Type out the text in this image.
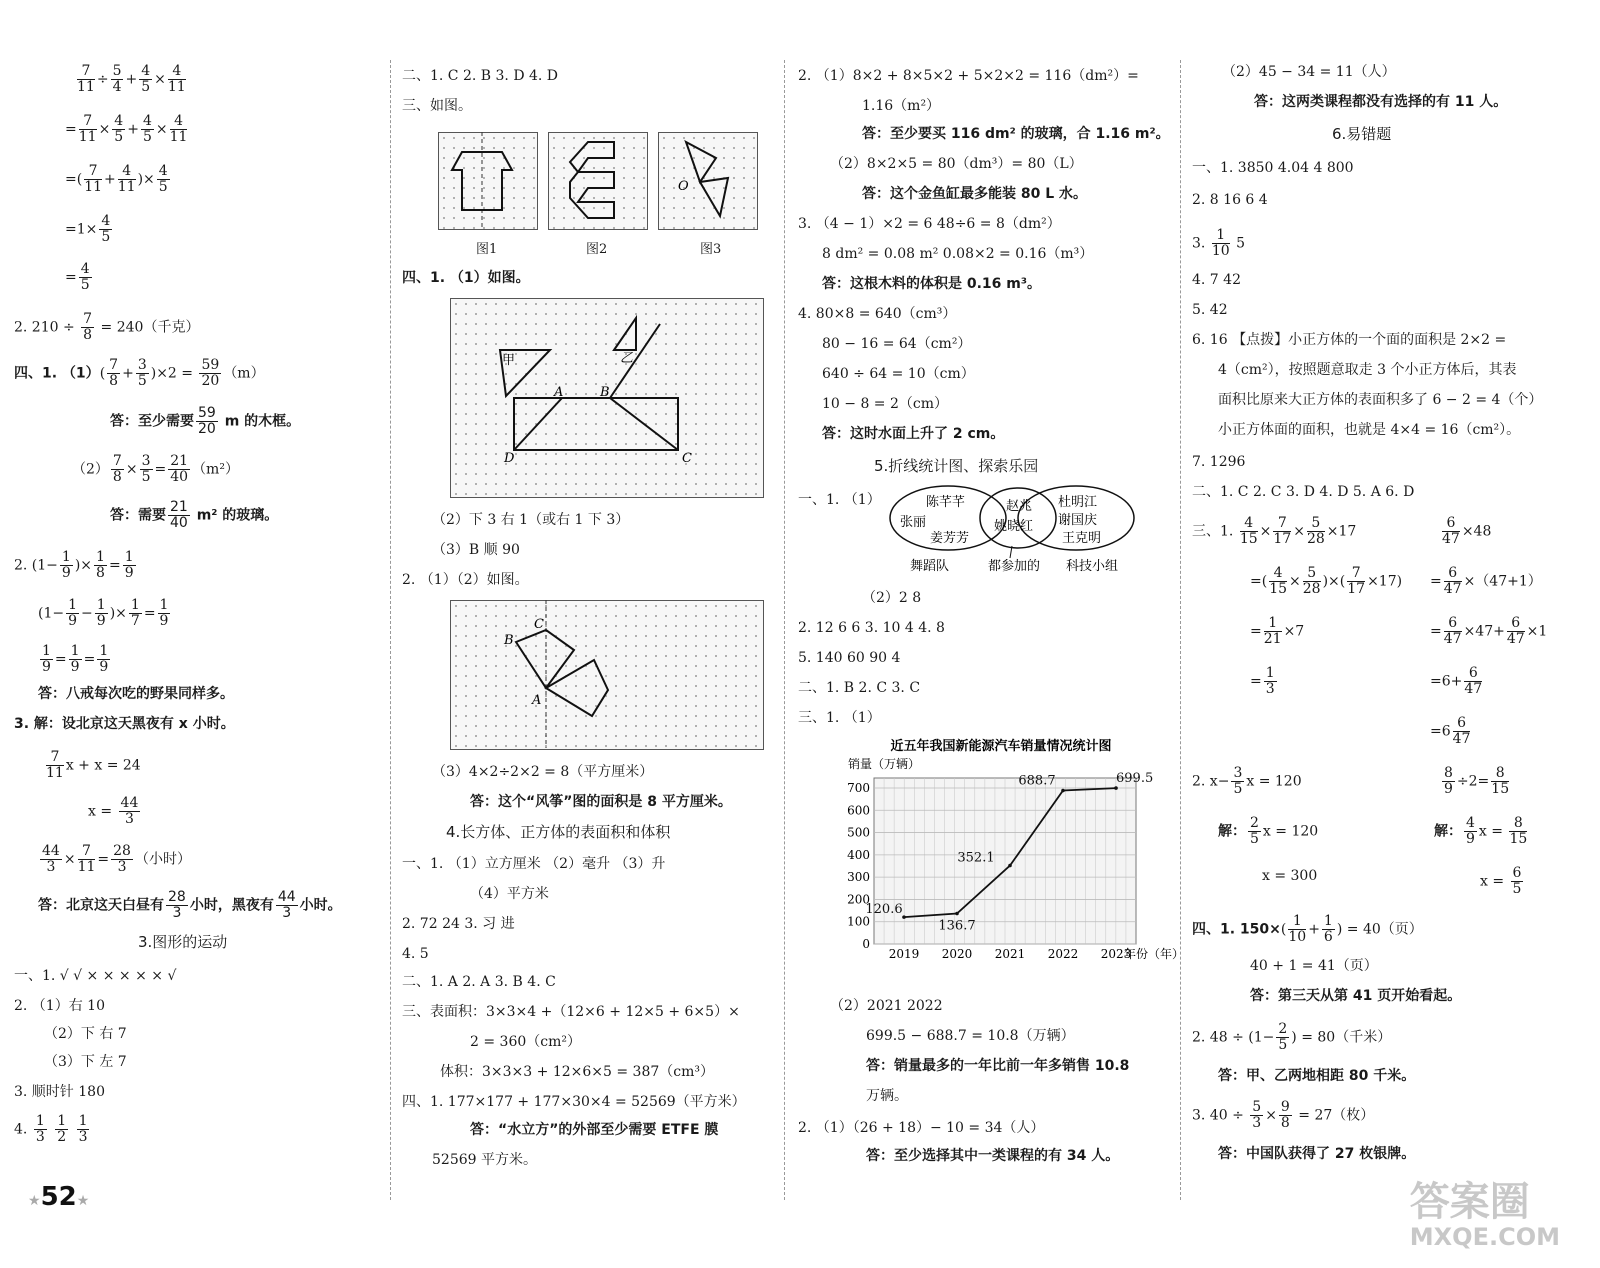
$\frac{7}{11} \div \frac{5}{4} + \frac{4}{5} \times \frac{4}{11}$
= $\frac{7}{11} \times \frac{4}{5} + \frac{4}{5} \times \frac{4}{11}$
=( $\frac{7}{11} + \frac{4}{11}$ )× $\frac{4}{5}$
$=1\times \frac{4}{5}$
= $\frac{4}{5}$
2. $210 \div \frac{7}{8} = 240$（千克）
四、1. $(1)( \frac{7}{8} + \frac{3}{5} )\times 2 = \frac{59}{20} (m)$
答：至少需要 $\frac{59}{20}$ m 的木框。
$(2) \frac{7}{8} \times \frac{3}{5} = \frac{21}{40} (m^2)$
答：需要 $\frac{21}{40} m^2$ 的玻璃。
2. ($1- \frac{1}{9}$ )× $\frac{1}{8} = \frac{1}{9}$
($1- \frac{1}{9} - \frac{1}{9}$ )× $\frac{1}{7} = \frac{1}{9}$
$\frac{1}{9} = \frac{1}{9} = \frac{1}{9}$
答：八戒每次吃的野果同样多。
3. 解：设北京这天黑夜有 x 小时。
$\frac{7}{11}$ x + x = 24
$x = \frac{44}{3}$
$\frac{44}{3} \times \frac{7}{11} = \frac{28}{3}$ （小时）
答：北京这天白昼有 $\frac{28}{3}$ 小时，黑夜有 $\frac{44}{3}$ 小时。
3.图形的运动
一、1. √ √ × × × × × √
2. （1）右 10
（2）下 右 7
（3）下 左 7
3. 顺时针 180
4. $\frac{1}{3}$
$\frac{1}{2}$
$\frac{1}{3}$
二、1. C 2. B 3. D 4. D
三、如图。
O
图1	图2	图3
四、1. （1）如图。
甲	乙
A	B
D	C
（2）下 3 右 1（或右 1 下 3）
（3）B 顺 90
2. （1）（2）如图。
B
C
A
（3）4×2÷2×2 = 8（平方厘米）
答：这个“风筝”图的面积是 8 平方厘米。
4.长方体、正方体的表面积和体积
一、1. （1）立方厘米 （2）毫升 （3）升
（4）平方米
2. 72 24 3. 习 进
4. 5
二、1. A 2. A 3. B 4. C
三、表面积：3×3×4 +（12×6 + 12×5 + 6×5）×
2 = 360（cm²）
体积：3×3×3 + 12×6×5 = 387（cm³）
四、1. 177×177 + 177×30×4 = 52569（平方米）
答：“水立方”的外部至少需要 ETFE 膜
52569 平方米。
2. （1）8×2 + 8×5×2 + 5×2×2 = 116（dm²）=
1.16（m²）
答：至少要买 116 dm² 的玻璃，合 1.16 m²。
（2）8×2×5 = 80（dm³）= 80（L）
答：这个金鱼缸最多能装 80 L 水。
3. （4 − 1）×2 = 6 48÷6 = 8（dm²）
8 dm² = 0.08 m² 0.08×2 = 0.16（m³）
答：这根木料的体积是 0.16 m³。
4. 80×8 = 640（cm³）
80 − 16 = 64（cm²）
640 ÷ 64 = 10（cm）
10 − 8 = 2（cm）
答：这时水面上升了 2 cm。
5.折线统计图、探索乐园
一、1. （1）	陈芊芊
张丽
姜芳芳
赵兆
姚晓红
杜明江
谢国庆
王克明
舞蹈队	都参加的 科技小组
（2）2 8
2. 12 6 6 3. 10 4 4. 8
5. 140 60 90 4
二、1. B 2. C 3. C
三、1. （1）
近五年我国新能源汽车销量情况统计图
销量（万辆）
年份（年）
0
100
200
300
400
500
600
700
2019 2020 2021 2022 2023
120.6
136.7
352.1
688.7	699.5
（2）2021 2022
699.5 − 688.7 = 10.8（万辆）
答：销量最多的一年比前一年多销售 10.8
万辆。
2. （1）（26 + 18）− 10 = 34（人）
答：至少选择其中一类课程的有 34 人。
（2）45 − 34 = 11（人）
答：这两类课程都没有选择的有 11 人。
6.易错题
一、1. 3850 4.04 4 800
2. 8 16 6 4
3. $\frac{1}{10} 5$
4. 7 42
5. 42
6. 16 【点拨】小正方体的一个面的面积是 2×2 =
4（cm²），按照题意取走 3 个小正方体后，其表
面积比原来大正方体的表面积多了 6 − 2 = 4（个）
小正方体面的面积，也就是 4×4 = 16（cm²）。
7. 1296
二、1. C 2. C 3. D 4. D 5. A 6. D
三、1. $\frac{4}{15} \times \frac{7}{17} \times \frac{5}{28} \times 17$	$\frac{6}{47} \times 48$
=( $\frac{4}{15} \times \frac{5}{28}$ )×( $\frac{7}{17} \times 17) = \frac{6}{47} \times(47+1)$
= $\frac{1}{21} \times 7$	= $\frac{6}{47} \times 47+ \frac{6}{47} \times 1$
= $\frac{1}{3}$	$=6+ \frac{6}{47}$
$=6 \frac{6}{47}$
2. $x- \frac{3}{5}$ x = 120	$\frac{8}{9} \div 2= \frac{8}{15}$
解： $\frac{2}{5}$ x = 120	解： $\frac{4}{9}$ $x = \frac{8}{15}$
x = 300	$x = \frac{6}{5}$
四、1. $150\times( \frac{1}{10} + \frac{1}{6}$ ) = 40（页）
40 + 1 = 41（页）
答：第三天从第 41 页开始看起。
2. $48 \div (1- \frac{2}{5}$ ) = 80（千米）
答：甲、乙两地相距 80 千米。
3. $40 \div \frac{5}{3} \times \frac{9}{8} = 27$（枚）
答：中国队获得了 27 枚银牌。
★52★	答案圈
MXQE.COM
